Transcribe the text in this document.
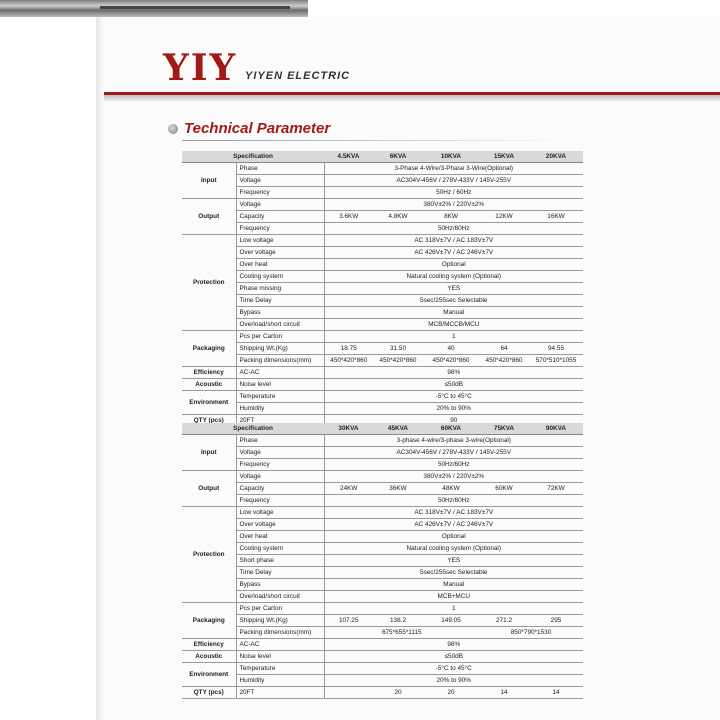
YIY YIYEN ELECTRIC
Technical Parameter
Specification		4.5KVA	6KVA	10KVA	15KVA	20KVA
Input	Phase	3-Phase 4-Wire/3-Phase 3-Wire(Optional)				
	Voltage	AC304V-456V / 278V-433V / 145V-255V				
	Frequency	50Hz / 60Hz				
Output	Voltage	380V±2% / 220V±2%				
	Capacity	3.6KW	4.8KW	8KW	12KW	16KW
	Frequency	50Hz/60Hz				
Protection	Low voltage	AC 318V±7V / AC 183V±7V				
	Over voltage	AC 426V±7V / AC 246V±7V				
	Over heat	Optional				
	Cooling system	Natural cooling system (Optional)				
	Phase missing	YES				
	Time Delay	5sec/255sec Selectable				
	Bypass	Manual				
	Overload/short circuit	MCB/MCCB/MCU				
Packaging	Pcs per Carton	1				
	Shipping Wt.(Kg)	18.75	31.50	40	64	94.55
	Packing dimensions(mm)	450*420*860	450*420*860	450*420*860	450*420*860	570*510*1055
Efficiency	AC-AC	98%				
Acoustic	Noise level	≤50dB				
Environment	Temperature	-5°C to 45°C				
	Humidity	20% to 90%				
QTY (pcs)	20FT	90				
Specification		30KVA	45KVA	60KVA	75KVA	90KVA
Input	Phase	3-phase 4-wire/3-phase 3-wire(Optional)				
	Voltage	AC304V-456V / 278V-433V / 145V-255V				
	Frequency	50Hz/60Hz				
Output	Voltage	380V±2% / 220V±2%				
	Capacity	24KW	36KW	48KW	60KW	72KW
	Frequency	50Hz/60Hz				
Protection	Low voltage	AC 318V±7V / AC 183V±7V				
	Over voltage	AC 426V±7V / AC 246V±7V				
	Over heat	Optional				
	Cooling system	Natural cooling system (Optional)				
	Short phase	YES				
	Time Delay	5sec/255sec Selectable				
	Bypass	Manual				
	Overload/short circuit	MCB+MCU				
Packaging	Pcs per Carton	1				
	Shipping Wt.(Kg)	107.25	138.2	149.05	271.2	295
	Packing dimensions(mm)	675*655*1115			850*790*1530	
Efficiency	AC-AC	98%				
Acoustic	Noise level	≤50dB				
Environment	Temperature	-5°C to 45°C				
	Humidity	20% to 90%				
QTY (pcs)	20FT		20	20	14	14
